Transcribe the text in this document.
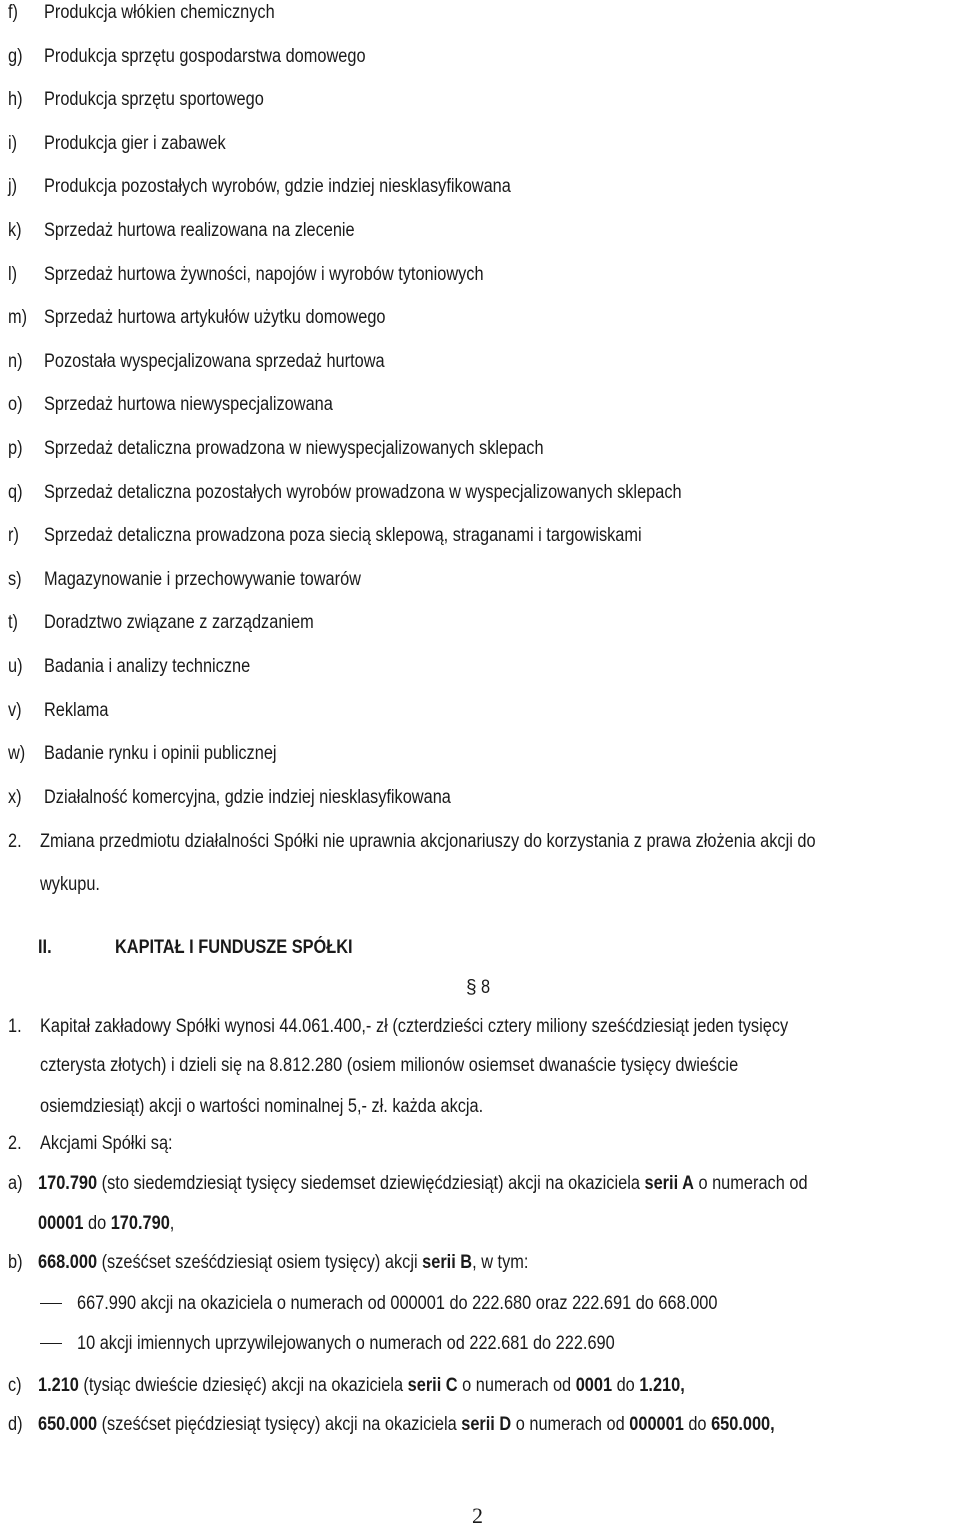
f) Produkcja włókien chemicznych
g) Produkcja sprzętu gospodarstwa domowego
h) Produkcja sprzętu sportowego
i) Produkcja gier i zabawek
j) Produkcja pozostałych wyrobów, gdzie indziej niesklasyfikowana
k) Sprzedaż hurtowa realizowana na zlecenie
l) Sprzedaż hurtowa żywności, napojów i wyrobów tytoniowych
m) Sprzedaż hurtowa artykułów użytku domowego
n) Pozostała wyspecjalizowana sprzedaż hurtowa
o) Sprzedaż hurtowa niewyspecjalizowana
p) Sprzedaż detaliczna prowadzona w niewyspecjalizowanych sklepach
q) Sprzedaż detaliczna pozostałych wyrobów prowadzona w wyspecjalizowanych sklepach
r) Sprzedaż detaliczna prowadzona poza siecią sklepową, straganami i targowiskami
s) Magazynowanie i przechowywanie towarów
t) Doradztwo związane z zarządzaniem
u) Badania i analizy techniczne
v) Reklama
w) Badanie rynku i opinii publicznej
x) Działalność komercyjna, gdzie indziej niesklasyfikowana
2. Zmiana przedmiotu działalności Spółki nie uprawnia akcjonariuszy do korzystania z prawa złożenia akcji do
wykupu.
II.	KAPITAŁ I FUNDUSZE SPÓŁKI
§ 8
1. Kapitał zakładowy Spółki wynosi 44.061.400,- zł (czterdzieści cztery miliony sześćdziesiąt jeden tysięcy
czterysta złotych) i dzieli się na 8.812.280 (osiem milionów osiemset dwanaście tysięcy dwieście
osiemdziesiąt) akcji o wartości nominalnej 5,- zł. każda akcja.
2. Akcjami Spółki są:
a) 170.790 (sto siedemdziesiąt tysięcy siedemset dziewięćdziesiąt) akcji na okaziciela serii A o numerach od
00001 do 170.790,
b) 668.000 (sześćset sześćdziesiąt osiem tysięcy) akcji serii B, w tym:
667.990 akcji na okaziciela o numerach od 000001 do 222.680 oraz 222.691 do 668.000
10 akcji imiennych uprzywilejowanych o numerach od 222.681 do 222.690
c) 1.210 (tysiąc dwieście dziesięć) akcji na okaziciela serii C o numerach od 0001 do 1.210,
d) 650.000 (sześćset pięćdziesiąt tysięcy) akcji na okaziciela serii D o numerach od 000001 do 650.000,
2
